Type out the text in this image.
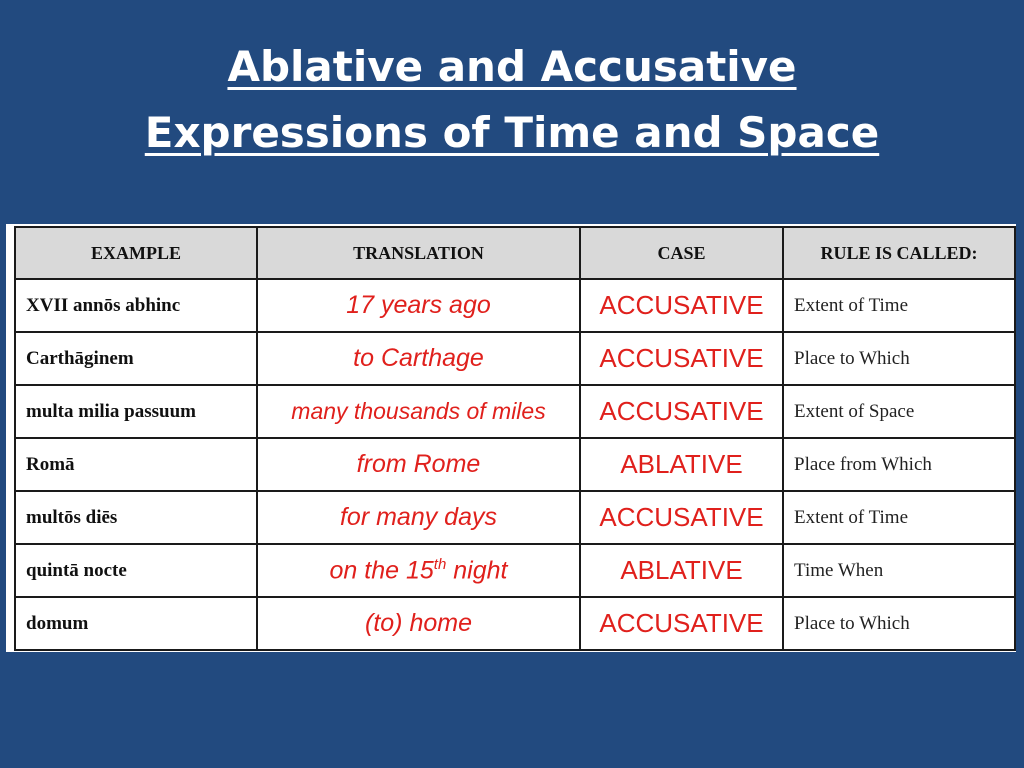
Ablative and Accusative
Expressions of Time and Space
EXAMPLE	TRANSLATION	CASE	RULE IS CALLED:
XVII annōs abhinc	17 years ago	ACCUSATIVE	Extent of Time
Carthāginem	to Carthage	ACCUSATIVE	Place to Which
multa milia passuum	many thousands of miles	ACCUSATIVE	Extent of Space
Romā	from Rome	ABLATIVE	Place from Which
multōs diēs	for many days	ACCUSATIVE	Extent of Time
quintā nocte	on the 15th night	ABLATIVE	Time When
domum	(to) home	ACCUSATIVE	Place to Which
